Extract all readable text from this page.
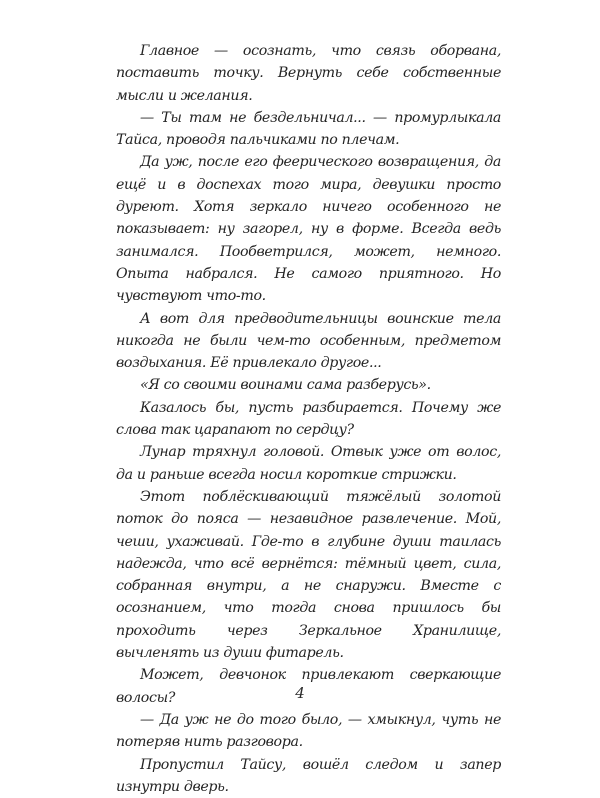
Главное — осознать, что связь оборвана, поставить точку. Вернуть себе собственные мысли и желания.

— Ты там не бездельничал... — промурлыкала Тайса, проводя пальчиками по плечам.

Да уж, после его феерического возвращения, да ещё и в доспехах того мира, девушки просто дуреют. Хотя зеркало ничего особенного не показывает: ну загорел, ну в форме. Всегда ведь занимался. Пообветрился, может, немного. Опыта набрался. Не самого приятного. Но чувствуют что-то.

А вот для предводительницы воинские тела никогда не были чем-то особенным, предметом воздыхания. Её привлекало другое...

«Я со своими воинами сама разберусь».

Казалось бы, пусть разбирается. Почему же слова так царапают по сердцу?

Лунар тряхнул головой. Отвык уже от волос, да и раньше всегда носил короткие стрижки.

Этот поблёскивающий тяжёлый золотой поток до пояса — незавидное развлечение. Мой, чеши, ухаживай. Где-то в глубине души таилась надежда, что всё вернётся: тёмный цвет, сила, собранная внутри, а не снаружи. Вместе с осознанием, что тогда снова пришлось бы проходить через Зеркальное Хранилище, вычленять из души фитарель.

Может, девчонок привлекают сверкающие волосы?

— Да уж не до того было, — хмыкнул, чуть не потеряв нить разговора.

Пропустил Тайсу, вошёл следом и запер изнутри дверь.

4
